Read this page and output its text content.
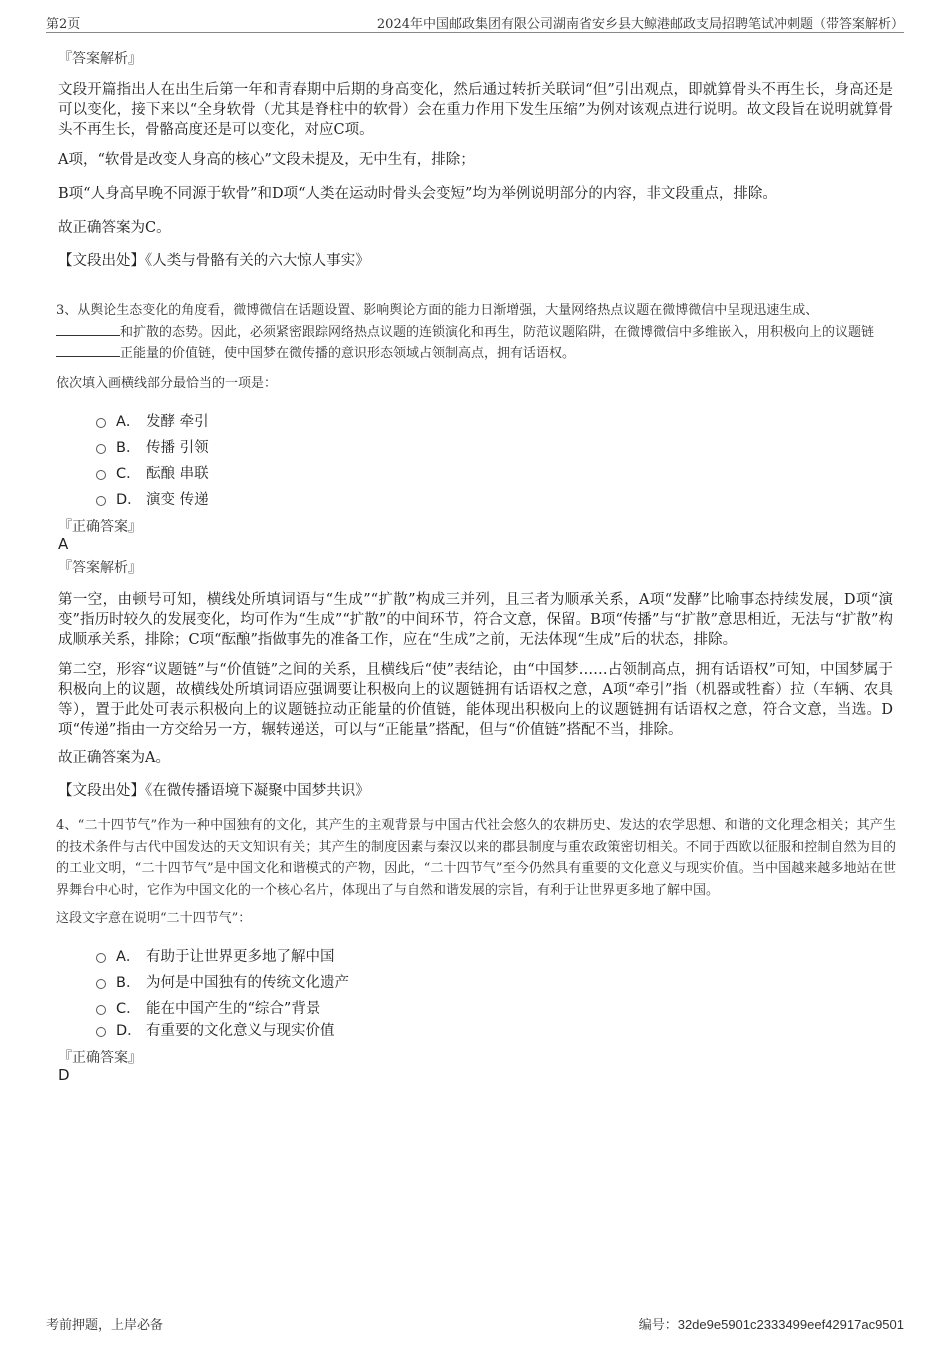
第2页	2024年中国邮政集团有限公司湖南省安乡县大鲸港邮政支局招聘笔试冲刺题（带答案解析）
『答案解析』
文段开篇指出人在出生后第一年和青春期中后期的身高变化，然后通过转折关联词“但”引出观点，即就算骨头不再生长，身高还是可以变化，接下来以“全身软骨（尤其是脊柱中的软骨）会在重力作用下发生压缩”为例对该观点进行说明。故文段旨在说明就算骨头不再生长，骨骼高度还是可以变化，对应C项。
A项，“软骨是改变人身高的核心”文段未提及，无中生有，排除；
B项“人身高早晚不同源于软骨”和D项“人类在运动时骨头会变短”均为举例说明部分的内容，非文段重点，排除。
故正确答案为C。
【文段出处】《人类与骨骼有关的六大惊人事实》
3、从舆论生态变化的角度看，微博微信在话题设置、影响舆论方面的能力日渐增强，大量网络热点议题在微博微信中呈现迅速生成、
和扩散的态势。因此，必须紧密跟踪网络热点议题的连锁演化和再生，防范议题陷阱，在微博微信中多维嵌入，用积极向上的议题链
正能量的价值链，使中国梦在微传播的意识形态领域占领制高点，拥有话语权。
依次填入画横线部分最恰当的一项是：
A． 发酵 牵引
B． 传播 引领
C． 酝酿 串联
D． 演变 传递
『正确答案』
A
『答案解析』
第一空，由顿号可知，横线处所填词语与“生成”“扩散”构成三并列，且三者为顺承关系，A项“发酵”比喻事态持续发展，D项“演变”指历时较久的发展变化，均可作为“生成”“扩散”的中间环节，符合文意，保留。B项“传播”与“扩散”意思相近，无法与“扩散”构成顺承关系，排除；C项“酝酿”指做事先的准备工作，应在“生成”之前，无法体现“生成”后的状态，排除。
第二空，形容“议题链”与“价值链”之间的关系，且横线后“使”表结论，由“中国梦……占领制高点，拥有话语权”可知，中国梦属于积极向上的议题，故横线处所填词语应强调要让积极向上的议题链拥有话语权之意，A项“牵引”指（机器或牲畜）拉（车辆、农具等），置于此处可表示积极向上的议题链拉动正能量的价值链，能体现出积极向上的议题链拥有话语权之意，符合文意，当选。D项“传递”指由一方交给另一方，辗转递送，可以与“正能量”搭配，但与“价值链”搭配不当，排除。
故正确答案为A。
【文段出处】《在微传播语境下凝聚中国梦共识》
4、“二十四节气”作为一种中国独有的文化，其产生的主观背景与中国古代社会悠久的农耕历史、发达的农学思想、和谐的文化理念相关；其产生的技术条件与古代中国发达的天文知识有关；其产生的制度因素与秦汉以来的郡县制度与重农政策密切相关。不同于西欧以征服和控制自然为目的的工业文明，“二十四节气”是中国文化和谐模式的产物，因此，“二十四节气”至今仍然具有重要的文化意义与现实价值。当中国越来越多地站在世界舞台中心时，它作为中国文化的一个核心名片，体现出了与自然和谐发展的宗旨，有利于让世界更多地了解中国。
这段文字意在说明“二十四节气”：
A． 有助于让世界更多地了解中国
B． 为何是中国独有的传统文化遗产
C． 能在中国产生的“综合”背景
D． 有重要的文化意义与现实价值
『正确答案』
D
考前押题，上岸必备	编号：32de9e5901c2333499eef42917ac9501
